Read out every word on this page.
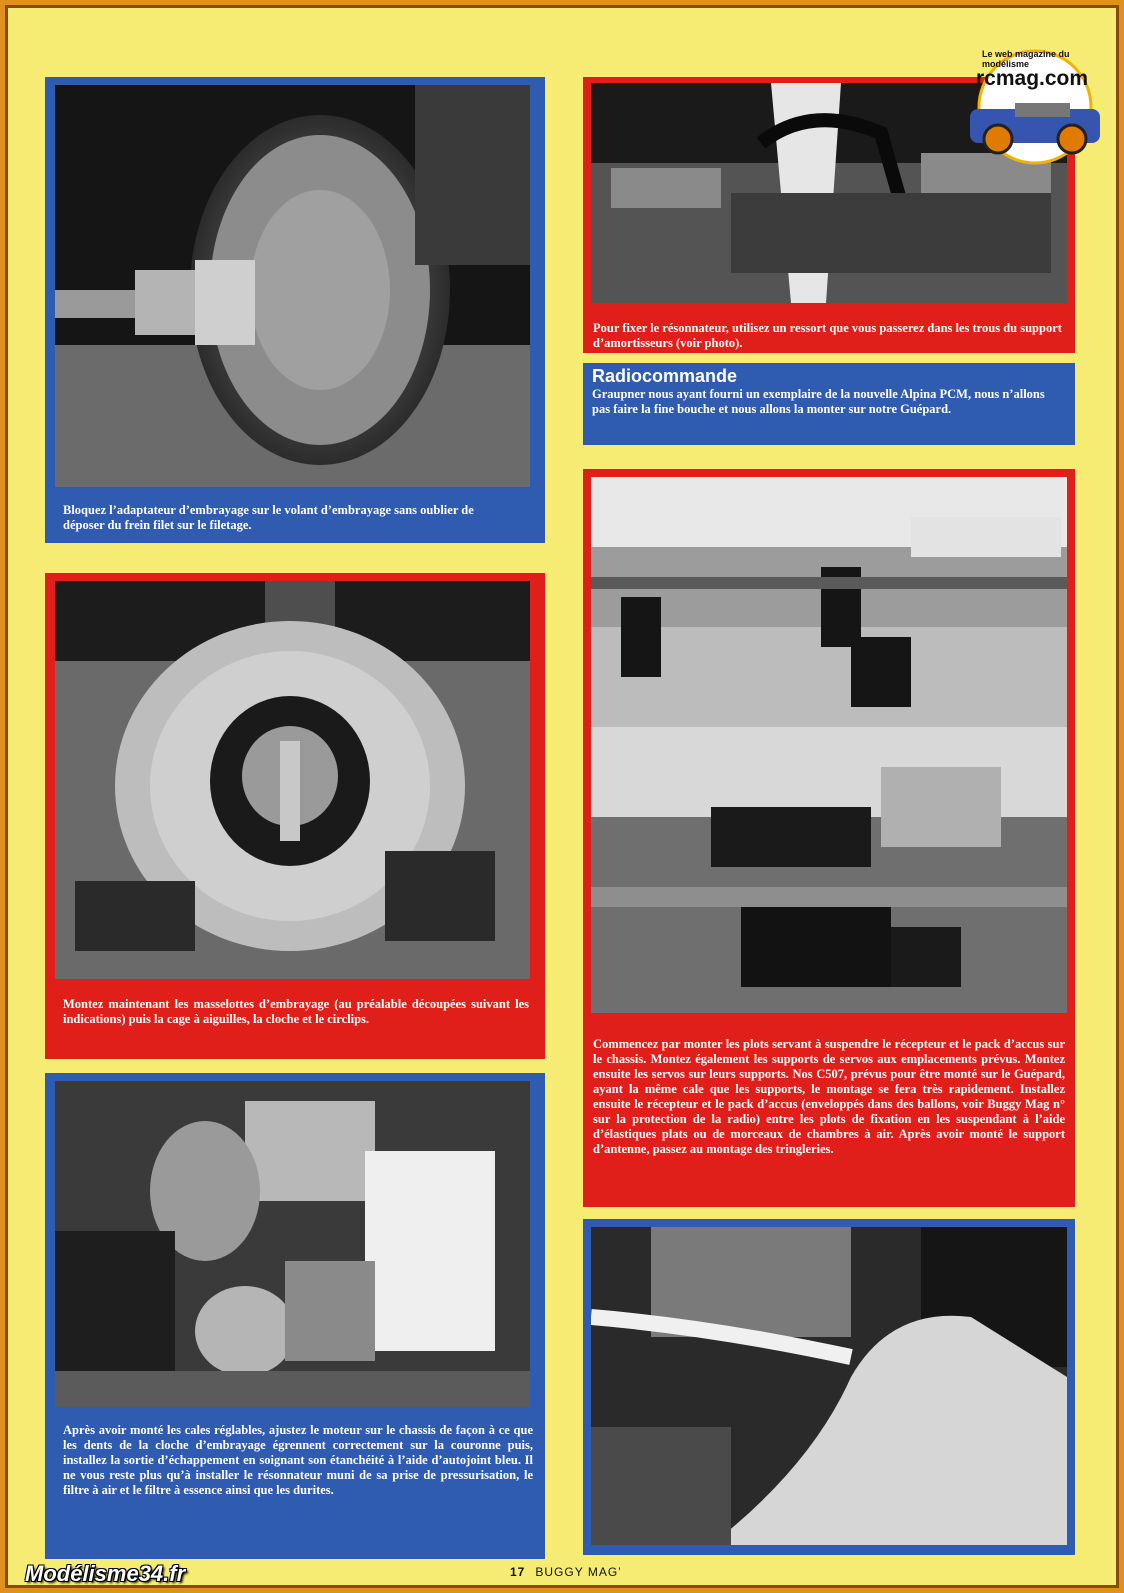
Bloquez l’adaptateur d’embrayage sur le volant d’embrayage sans oublier de déposer du frein filet sur le filetage.
Pour fixer le résonnateur, utilisez un ressort que vous passerez dans les trous du support d’amortisseurs (voir photo).
Radiocommande
Graupner nous ayant fourni un exemplaire de la nouvelle Alpina PCM, nous n’allons pas faire la fine bouche et nous allons la monter sur notre Guépard.
Montez maintenant les masselottes d’embrayage (au préalable découpées suivant les indications) puis la cage à aiguilles, la cloche et le circlips.
Commencez par monter les plots servant à suspendre le récepteur et le pack d’accus sur le chassis. Montez également les supports de servos aux emplacements prévus. Montez ensuite les servos sur leurs supports. Nos C507, prévus pour être monté sur le Guépard, ayant la même cale que les supports, le montage se fera très rapidement. Installez ensuite le récepteur et le pack d’accus (enveloppés dans des ballons, voir Buggy Mag n° sur la protection de la radio) entre les plots de fixation en les suspendant à l’aide d’élastiques plats ou de morceaux de chambres à air. Après avoir monté le support d’antenne, passez au montage des tringleries.
Après avoir monté les cales réglables, ajustez le moteur sur le chassis de façon à ce que les dents de la cloche d’embrayage égrennent correctement sur la couronne puis, installez la sortie d’échappement en soignant son étanchéité à l’aide d’autojoint bleu. Il ne vous reste plus qu’à installer le résonnateur muni de sa prise de pressurisation, le filtre à air et le filtre à essence ainsi que les durites.
rcmag.com
Le web magazine du modélisme
Modélisme34.fr	17 BUGGY MAG’
